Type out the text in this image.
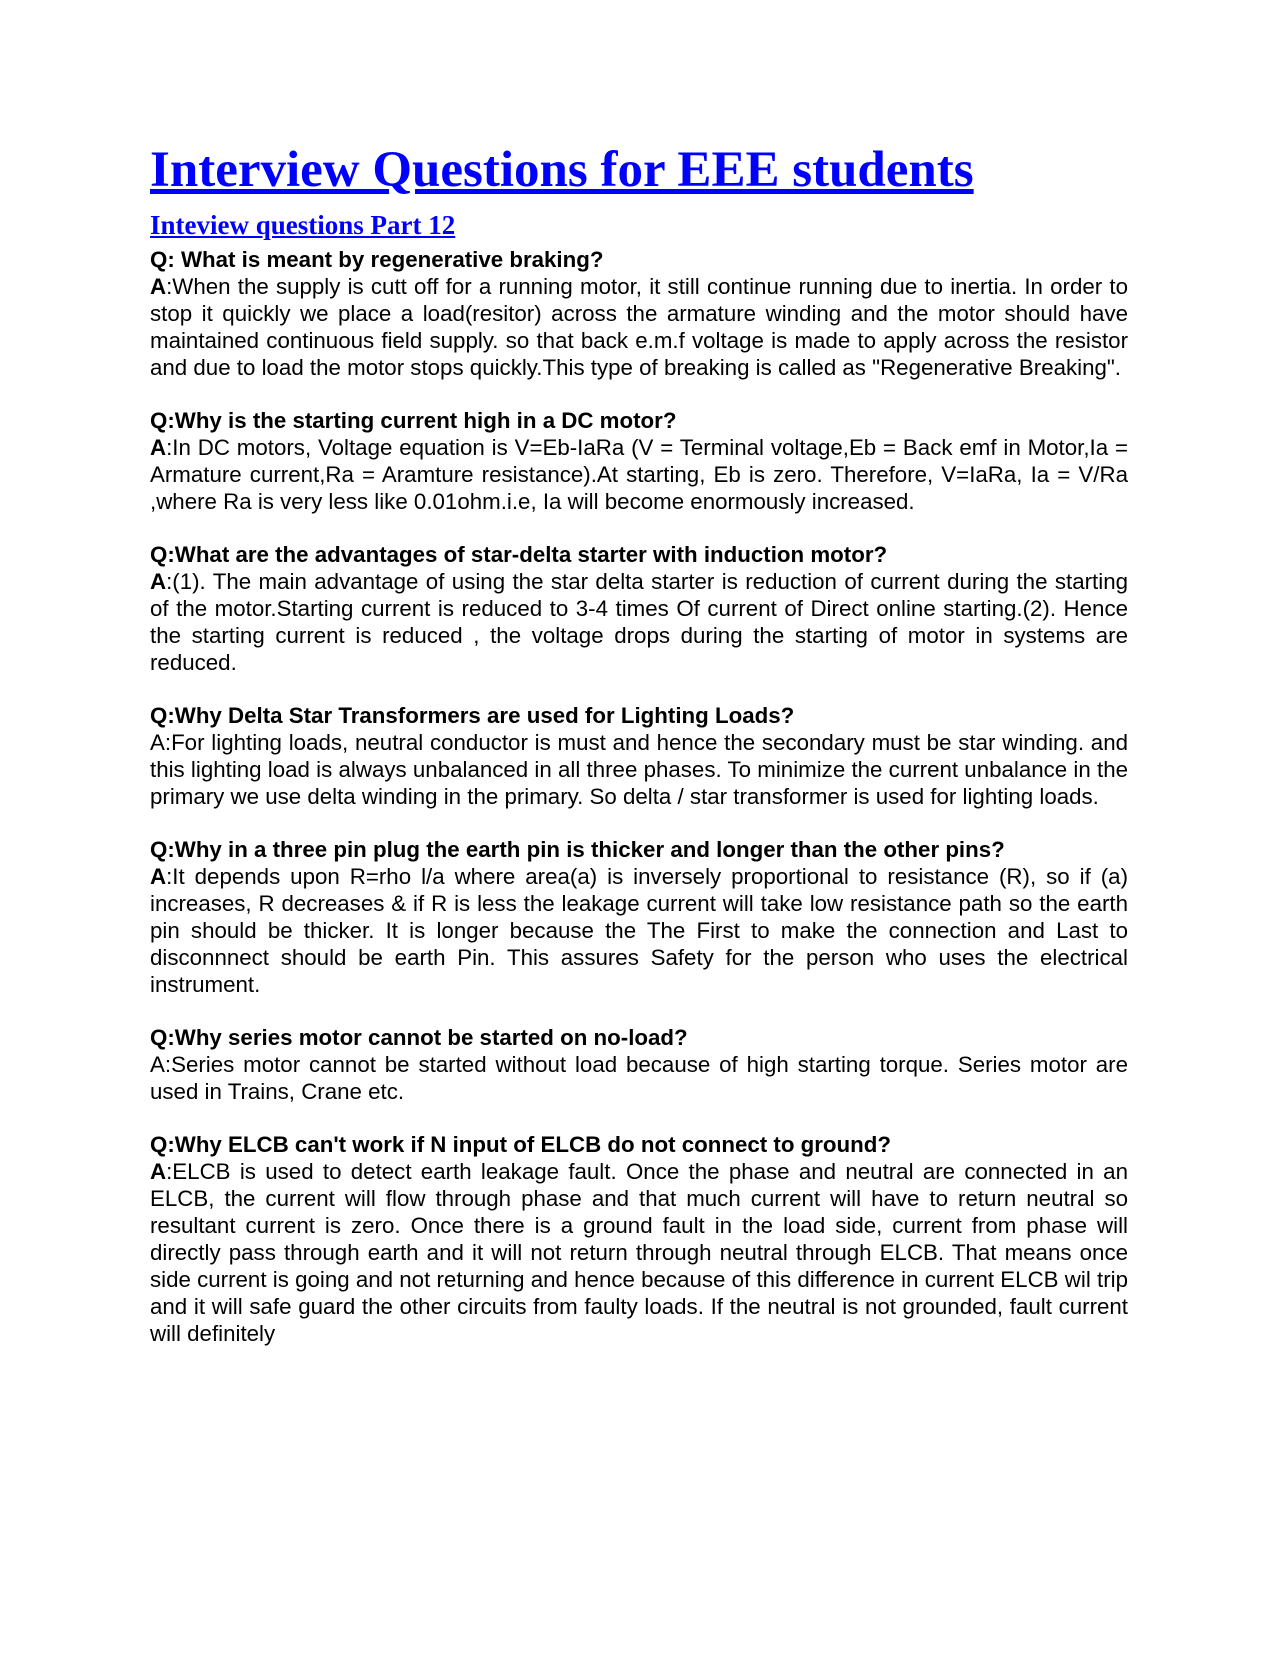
Interview Questions for EEE students
Inteview questions Part 12

Q: What is meant by regenerative braking?

A:When the supply is cutt off for a running motor, it still continue running due to inertia. In order to stop it quickly we place a load(resitor) across the armature winding and the motor should have maintained continuous field supply. so that back e.m.f voltage is made to apply across the resistor and due to load the motor stops quickly.This type of breaking is called as "Regenerative Breaking".

Q:Why is the starting current high in a DC motor?

A:In DC motors, Voltage equation is V=Eb-IaRa (V = Terminal voltage,Eb = Back emf in Motor,Ia = Armature current,Ra = Aramture resistance).At starting, Eb is zero. Therefore, V=IaRa, Ia = V/Ra ,where Ra is very less like 0.01ohm.i.e, Ia will become enormously increased.

Q:What are the advantages of star-delta starter with induction motor?

A:(1). The main advantage of using the star delta starter is reduction of current during the starting of the motor.Starting current is reduced to 3-4 times Of current of Direct online starting.(2). Hence the starting current is reduced , the voltage drops during the starting of motor in systems are reduced.

Q:Why Delta Star Transformers are used for Lighting Loads?

A:For lighting loads, neutral conductor is must and hence the secondary must be star winding. and this lighting load is always unbalanced in all three phases. To minimize the current unbalance in the primary we use delta winding in the primary. So delta / star transformer is used for lighting loads.

Q:Why in a three pin plug the earth pin is thicker and longer than the other pins?

A:It depends upon R=rho l/a where area(a) is inversely proportional to resistance (R), so if (a) increases, R decreases & if R is less the leakage current will take low resistance path so the earth pin should be thicker. It is longer because the The First to make the connection and Last to disconnnect should be earth Pin. This assures Safety for the person who uses the electrical instrument.

Q:Why series motor cannot be started on no-load?

A:Series motor cannot be started without load because of high starting torque. Series motor are used in Trains, Crane etc.

Q:Why ELCB can't work if N input of ELCB do not connect to ground?

A:ELCB is used to detect earth leakage fault. Once the phase and neutral are connected in an ELCB, the current will flow through phase and that much current will have to return neutral so resultant current is zero. Once there is a ground fault in the load side, current from phase will directly pass through earth and it will not return through neutral through ELCB. That means once side current is going and not returning and hence because of this difference in current ELCB wil trip and it will safe guard the other circuits from faulty loads. If the neutral is not grounded, fault current will definitely
